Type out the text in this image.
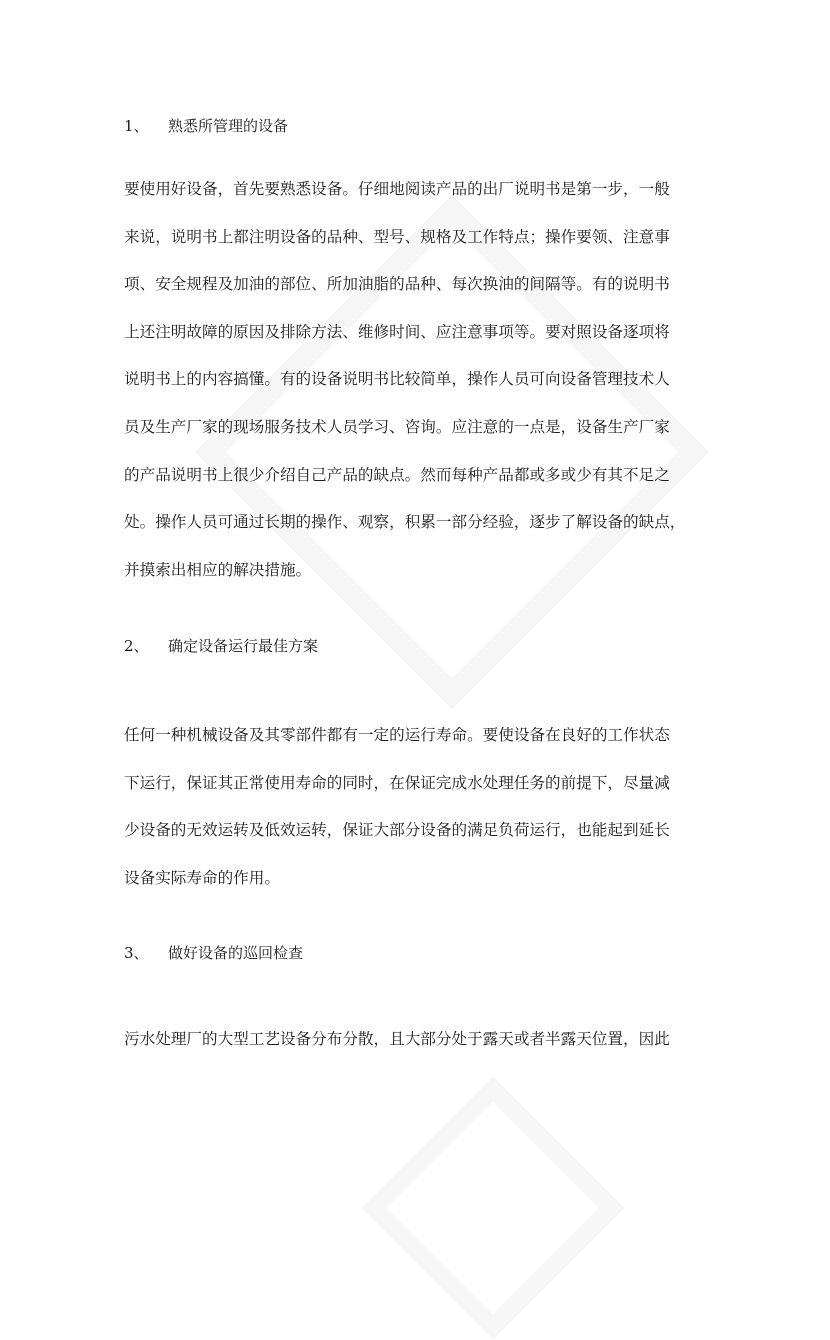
1、 熟悉所管理的设备
要使用好设备，首先要熟悉设备。仔细地阅读产品的出厂说明书是第一步，一般
来说，说明书上都注明设备的品种、型号、规格及工作特点；操作要领、注意事
项、安全规程及加油的部位、所加油脂的品种、每次换油的间隔等。有的说明书
上还注明故障的原因及排除方法、维修时间、应注意事项等。要对照设备逐项将
说明书上的内容搞懂。有的设备说明书比较简单，操作人员可向设备管理技术人
员及生产厂家的现场服务技术人员学习、咨询。应注意的一点是，设备生产厂家
的产品说明书上很少介绍自己产品的缺点。然而每种产品都或多或少有其不足之
处。操作人员可通过长期的操作、观察，积累一部分经验，逐步了解设备的缺点，
并摸索出相应的解决措施。
2、 确定设备运行最佳方案
任何一种机械设备及其零部件都有一定的运行寿命。要使设备在良好的工作状态
下运行，保证其正常使用寿命的同时，在保证完成水处理任务的前提下，尽量减
少设备的无效运转及低效运转，保证大部分设备的满足负荷运行，也能起到延长
设备实际寿命的作用。
3、 做好设备的巡回检查
污水处理厂的大型工艺设备分布分散，且大部分处于露天或者半露天位置，因此
